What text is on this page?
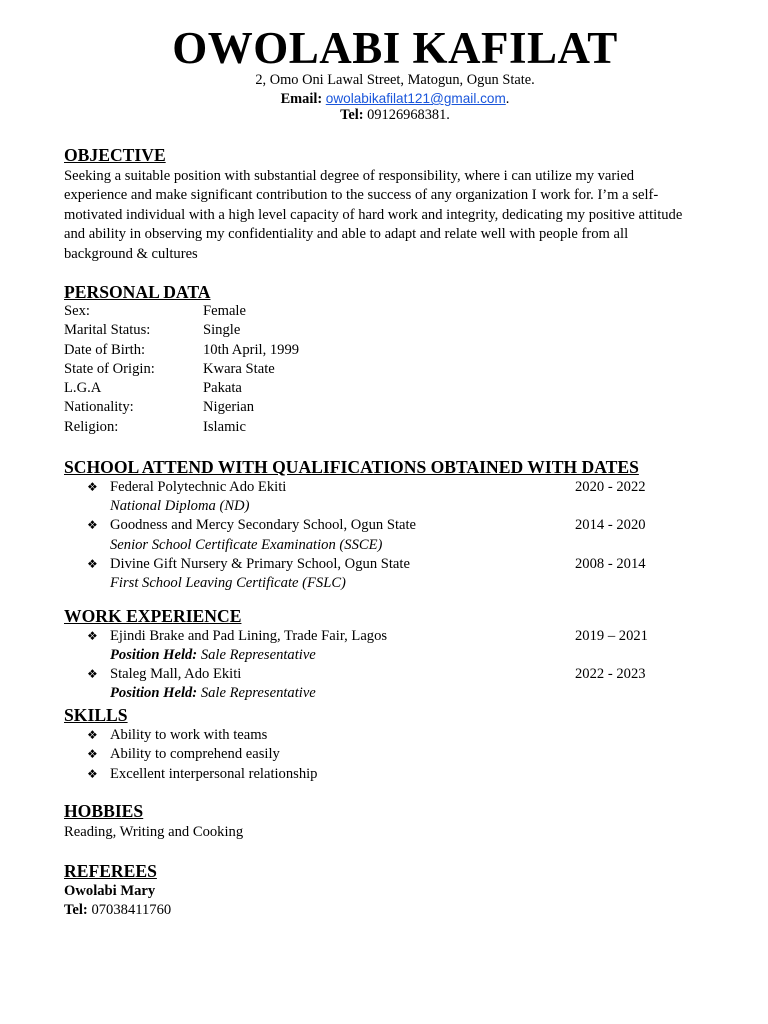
OWOLABI KAFILAT
2, Omo Oni Lawal Street, Matogun, Ogun State.
Email: owolabikafilat121@gmail.com.
Tel: 09126968381.
OBJECTIVE
Seeking a suitable position with substantial degree of responsibility, where i can utilize my varied
experience and make significant contribution to the success of any organization I work for. I’m a self-
motivated individual with a high level capacity of hard work and integrity, dedicating my positive attitude
and ability in observing my confidentiality and able to adapt and relate well with people from all
background & cultures
PERSONAL DATA
Sex:	Female
Marital Status:	Single
Date of Birth:	10th April, 1999
State of Origin:	Kwara State
L.G.A	Pakata
Nationality:	Nigerian
Religion:	Islamic
SCHOOL ATTEND WITH QUALIFICATIONS OBTAINED WITH DATES
❖ Federal Polytechnic Ado Ekiti	2020 - 2022
National Diploma (ND)
❖ Goodness and Mercy Secondary School, Ogun State	2014 - 2020
Senior School Certificate Examination (SSCE)
❖ Divine Gift Nursery & Primary School, Ogun State	2008 - 2014
First School Leaving Certificate (FSLC)
WORK EXPERIENCE
❖ Ejindi Brake and Pad Lining, Trade Fair, Lagos	2019 – 2021
Position Held: Sale Representative
❖ Staleg Mall, Ado Ekiti	2022 - 2023
Position Held: Sale Representative
SKILLS
❖ Ability to work with teams
❖ Ability to comprehend easily
❖ Excellent interpersonal relationship
HOBBIES
Reading, Writing and Cooking
REFEREES
Owolabi Mary
Tel: 07038411760
